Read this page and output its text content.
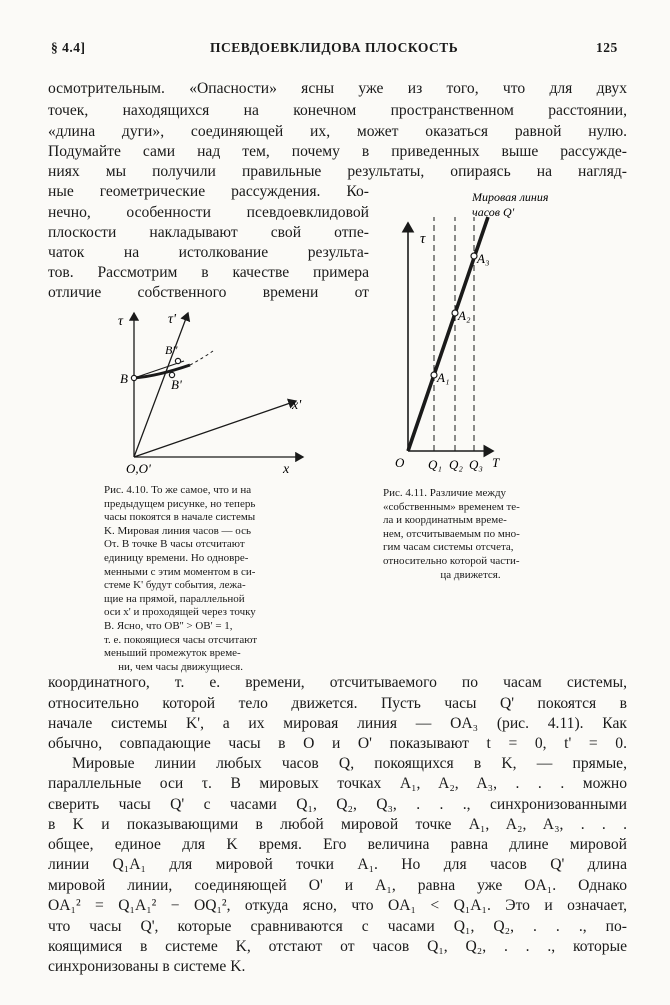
§ 4.4]	ПСЕВДОЕВКЛИДОВА ПЛОСКОСТЬ	125
осмотрительным. «Опасности» ясны уже из того, что для двух
точек, находящихся на конечном пространственном расстоянии,
«длина дуги», соединяющей их, может оказаться равной нулю.
Подумайте сами над тем, почему в приведенных выше рассужде-
ниях мы получили правильные результаты, опираясь на нагляд-
ные геометрические рассуждения. Ко-
нечно, особенности псевдоевклидовой
плоскости накладывают свой отпе-
чаток на истолкование результа-
тов. Рассмотрим в качестве примера
отличие собственного времени от
τ	τ'
B	B'
B''
x'
O,O'	x
Рис. 4.10. То же самое, что и на
предыдущем рисунке, но теперь
часы покоятся в начале системы
K. Мировая линия часов — ось
Oτ. В точке B часы отсчитают
единицу времени. Но одновре-
менными с этим моментом в си-
стеме K' будут события, лежа-
щие на прямой, параллельной
оси x' и проходящей через точку
B. Ясно, что OB'' > OB' = 1,
т. е. покоящиеся часы отсчитают
меньший промежуток време-
ни, чем часы движущиеся.
Мировая линия
часов Q'
τ
A₁
A₂
A₃
O Q₁ Q₂ Q₃ T
Рис. 4.11. Различие между
«собственным» временем те-
ла и координатным време-
нем, отсчитываемым по мно-
гим часам системы отсчета,
относительно которой части-
ца движется.
координатного, т. е. времени, отсчитываемого по часам системы,
относительно которой тело движется. Пусть часы Q' покоятся в
начале системы K', а их мировая линия — OA₃ (рис. 4.11). Как
обычно, совпадающие часы в O и O' показывают t = 0, t' = 0.
Мировые линии любых часов Q, покоящихся в K, — прямые,
параллельные оси τ. В мировых точках A₁, A₂, A₃, . . . можно
сверить часы Q' с часами Q₁, Q₂, Q₃, . . ., синхронизованными
в K и показывающими в любой мировой точке A₁, A₂, A₃, . . .
общее, единое для K время. Его величина равна длине мировой
линии Q₁A₁ для мировой точки A₁. Но для часов Q' длина
мировой линии, соединяющей O' и A₁, равна уже OA₁. Однако
OA₁² = Q₁A₁² − OQ₁², откуда ясно, что OA₁ < Q₁A₁. Это и означает,
что часы Q', которые сравниваются с часами Q₁, Q₂, . . ., по-
коящимися в системе K, отстают от часов Q₁, Q₂, . . ., которые
синхронизованы в системе K.
